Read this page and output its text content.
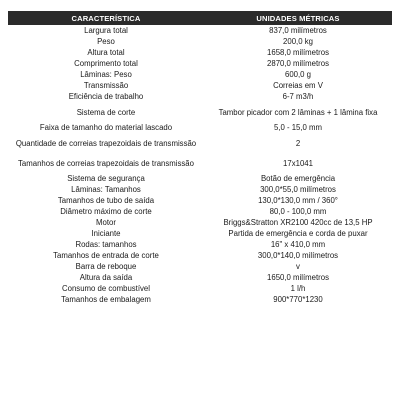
CARACTERÍSTICA	UNIDADES MÉTRICAS
Largura total	837,0 milímetros
Peso	200,0 kg
Altura total	1658,0 milímetros
Comprimento total	2870,0 milímetros
Lâminas: Peso	600,0 g
Transmissão	Correias em V
Eficiência de trabalho	6-7 m3/h
Sistema de corte	Tambor picador com 2 lâminas + 1 lâmina fixa
Faixa de tamanho do material lascado	5,0 - 15,0 mm
Quantidade de correias trapezoidais de transmissão	2
Tamanhos de correias trapezoidais de transmissão	17x1041
Sistema de segurança	Botão de emergência
Lâminas: Tamanhos	300,0*55,0 milímetros
Tamanhos de tubo de saída	130,0*130,0 mm / 360°
Diâmetro máximo de corte	80,0 - 100,0 mm
Motor	Briggs&Stratton XR2100 420cc de 13,5 HP
Iniciante	Partida de emergência e corda de puxar
Rodas: tamanhos	16" x 410,0 mm
Tamanhos de entrada de corte	300,0*140,0 milímetros
Barra de reboque	v
Altura da saída	1650,0 milímetros
Consumo de combustível	1 l/h
Tamanhos de embalagem	900*770*1230
